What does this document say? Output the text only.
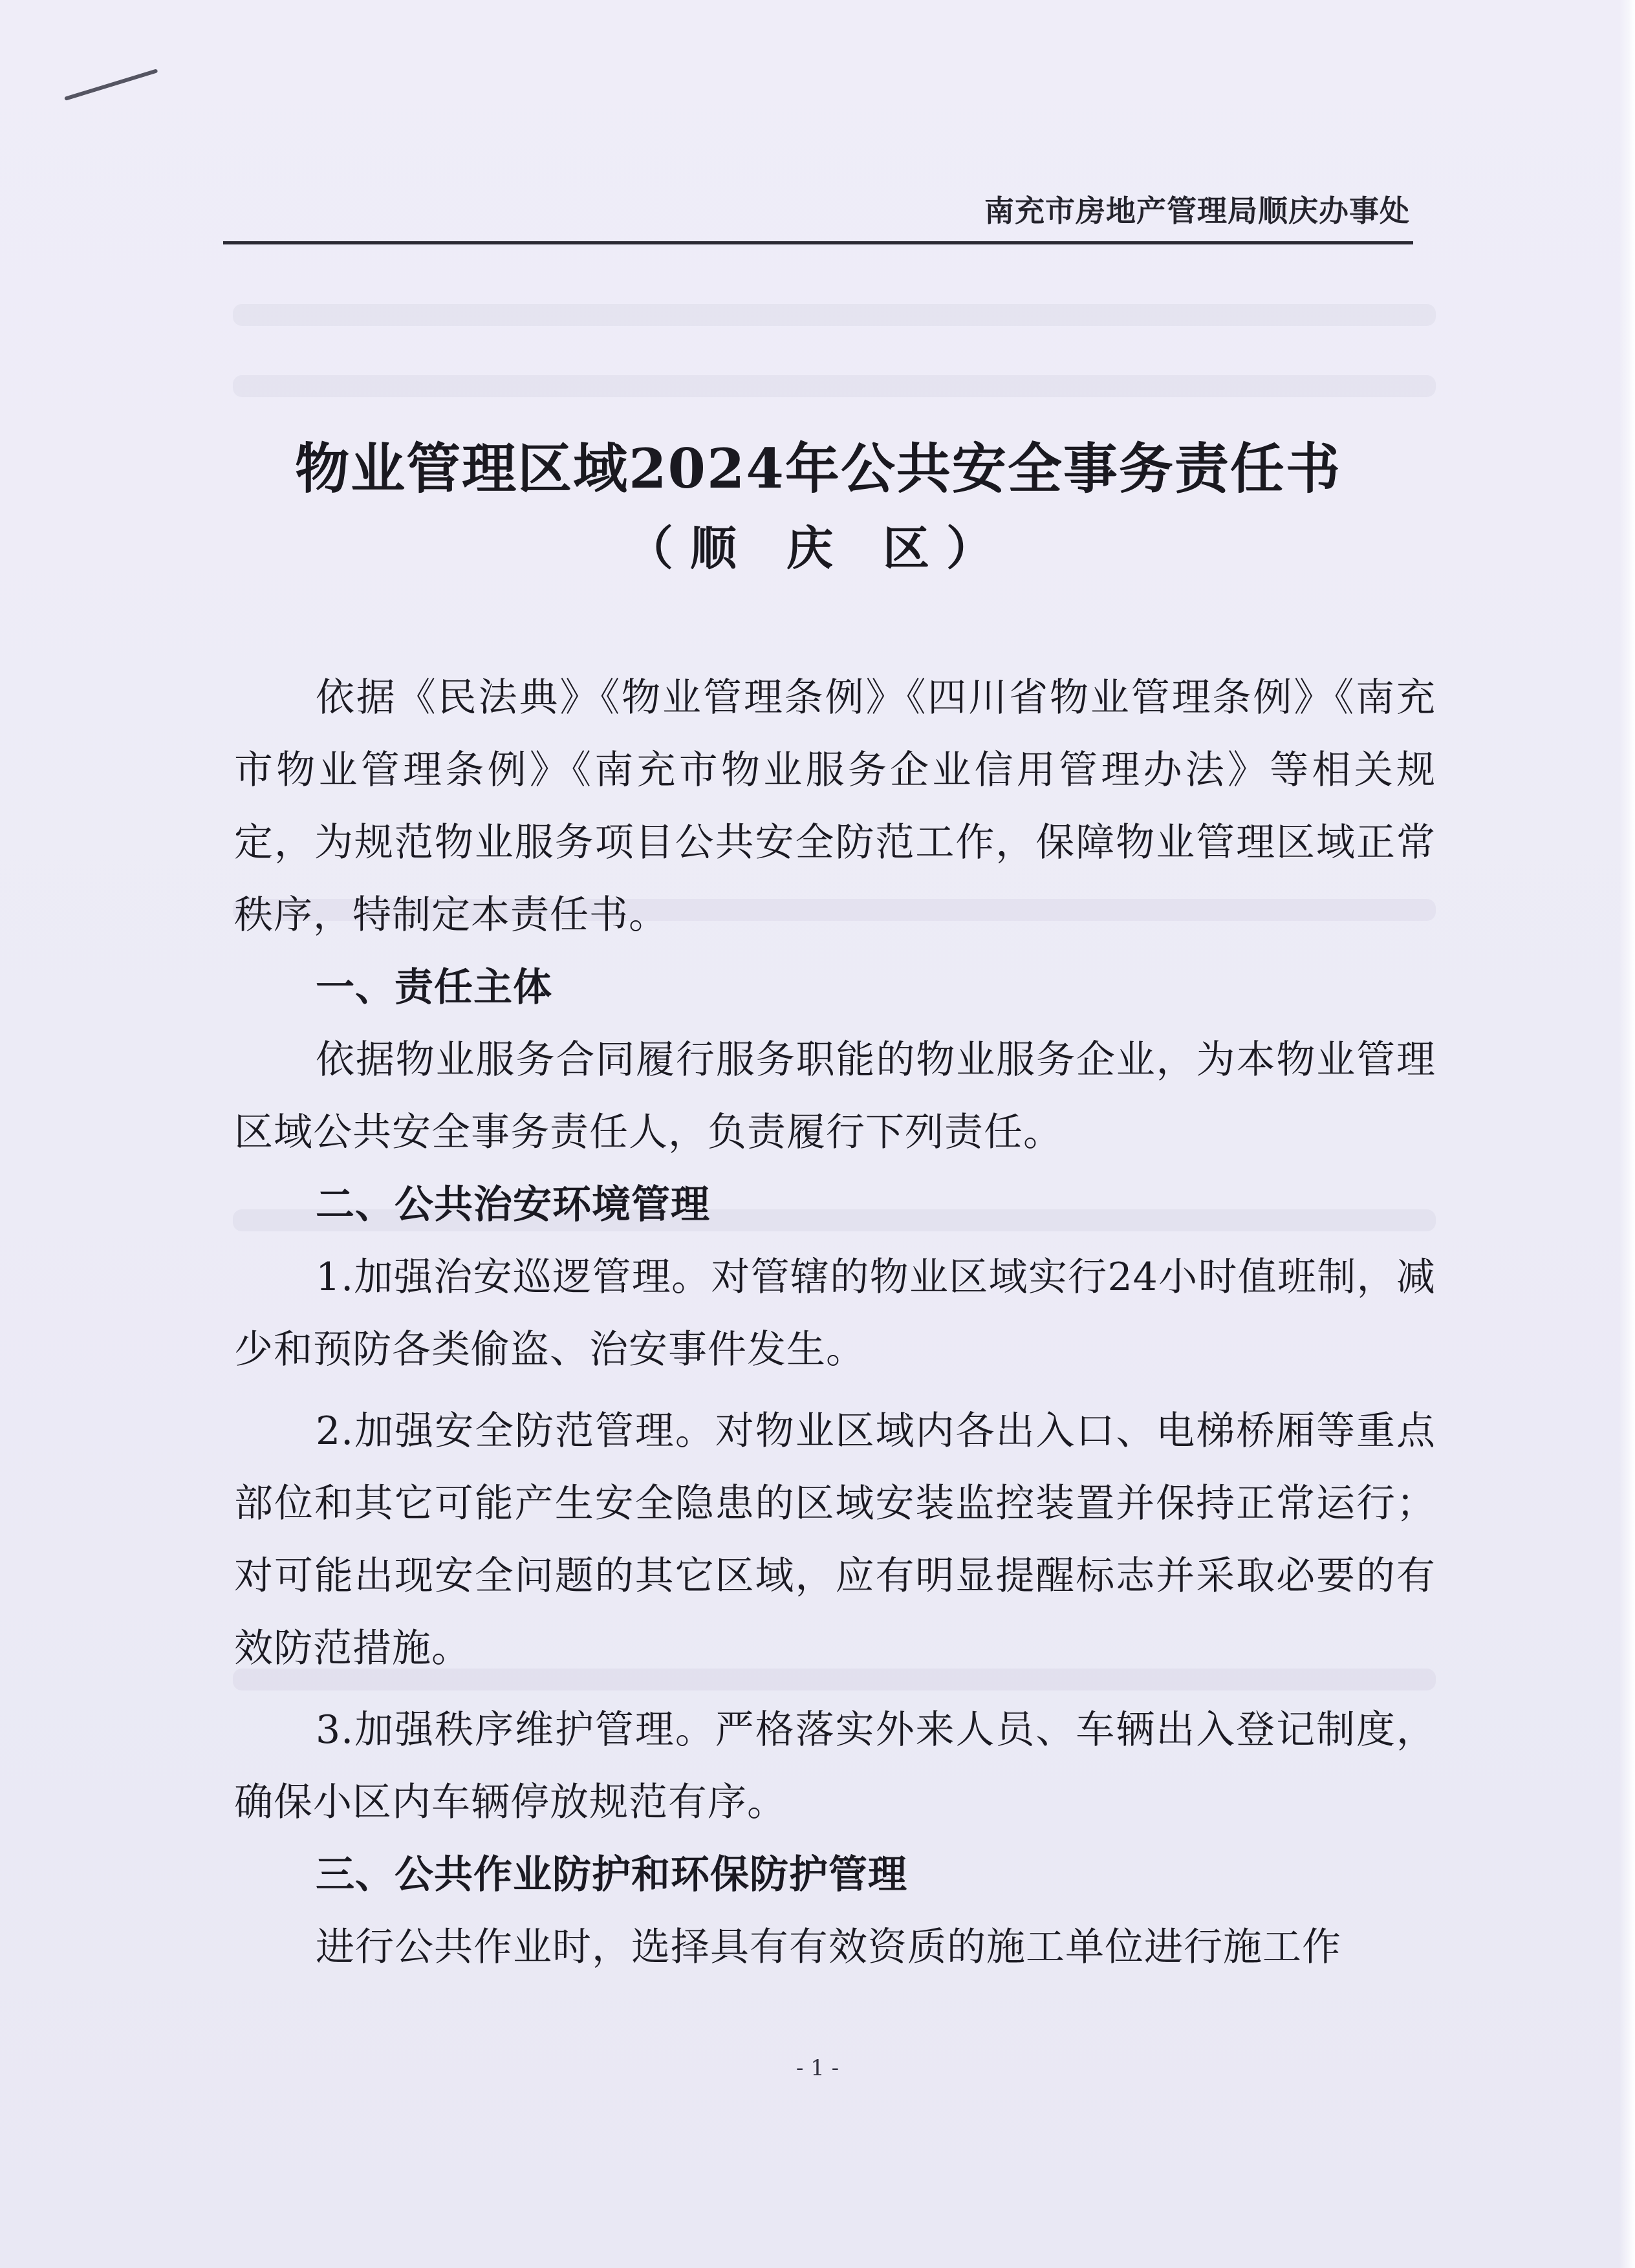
南充市房地产管理局顺庆办事处
物业管理区域2024年公共安全事务责任书
（顺 庆 区）

依据《民法典》《物业管理条例》《四川省物业管理条例》《南充市物业管理条例》《南充市物业服务企业信用管理办法》等相关规定，为规范物业服务项目公共安全防范工作，保障物业管理区域正常秩序，特制定本责任书。

一、责任主体

依据物业服务合同履行服务职能的物业服务企业，为本物业管理区域公共安全事务责任人，负责履行下列责任。

二、公共治安环境管理

1.加强治安巡逻管理。对管辖的物业区域实行24小时值班制，减少和预防各类偷盗、治安事件发生。

2.加强安全防范管理。对物业区域内各出入口、电梯桥厢等重点部位和其它可能产生安全隐患的区域安装监控装置并保持正常运行；对可能出现安全问题的其它区域，应有明显提醒标志并采取必要的有效防范措施。

3.加强秩序维护管理。严格落实外来人员、车辆出入登记制度，确保小区内车辆停放规范有序。

三、公共作业防护和环保防护管理

进行公共作业时，选择具有有效资质的施工单位进行施工作

- 1 -
